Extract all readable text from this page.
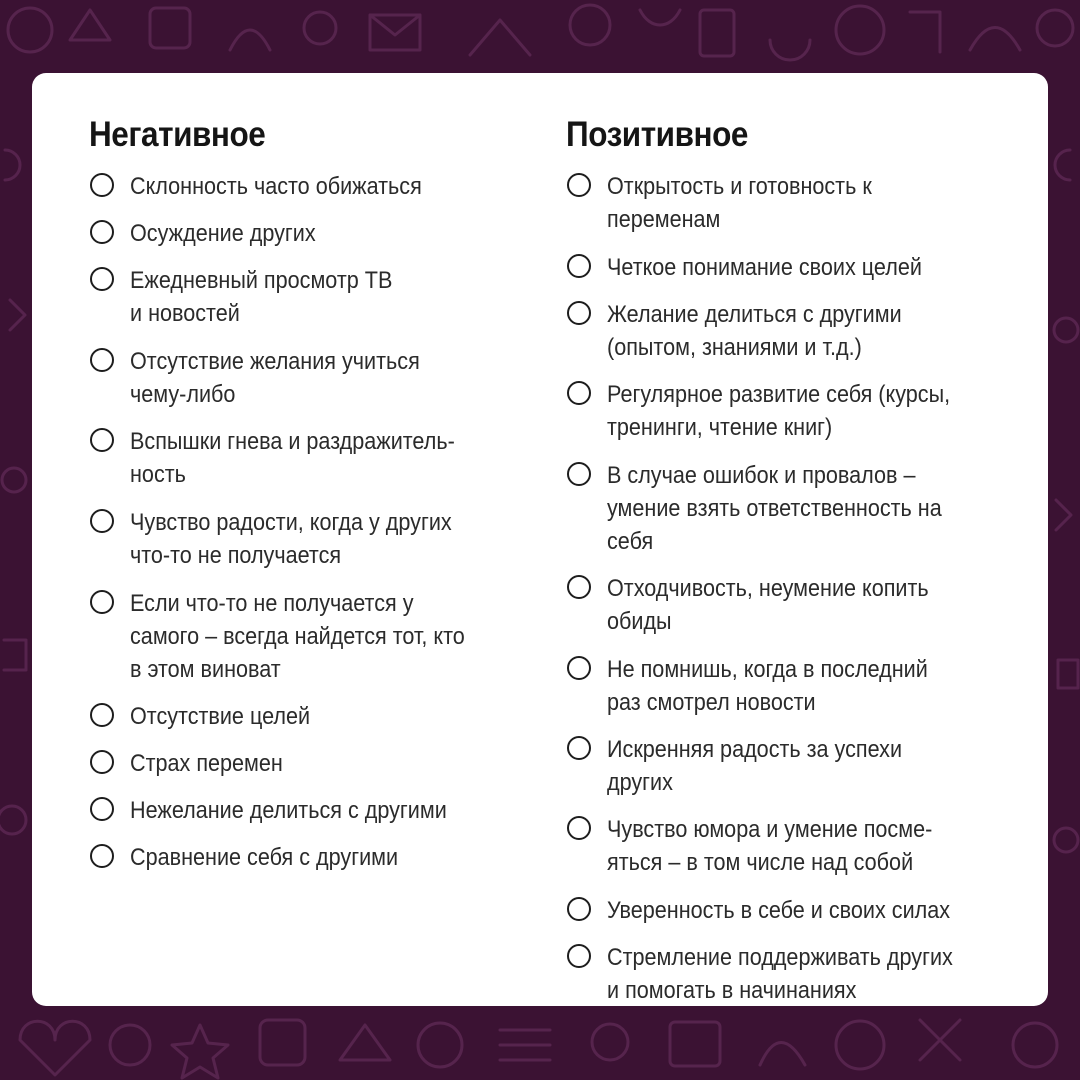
Негативное
Склонность часто обижаться
Осуждение других
Ежедневный просмотр ТВ
и новостей
Отсутствие желания учиться
чему-либо
Вспышки гнева и раздражитель-
ность
Чувство радости, когда у других
что-то не получается
Если что-то не получается у
самого – всегда найдется тот, кто
в этом виноват
Отсутствие целей
Страх перемен
Нежелание делиться с другими
Сравнение себя с другими
Позитивное
Открытость и готовность к
переменам
Четкое понимание своих целей
Желание делиться с другими
(опытом, знаниями и т.д.)
Регулярное развитие себя (курсы,
тренинги, чтение книг)
В случае ошибок и провалов –
умение взять ответственность на
себя
Отходчивость, неумение копить
обиды
Не помнишь, когда в последний
раз смотрел новости
Искренняя радость за успехи
других
Чувство юмора и умение посме-
яться – в том числе над собой
Уверенность в себе и своих силах
Стремление поддерживать других
и помогать в начинаниях
